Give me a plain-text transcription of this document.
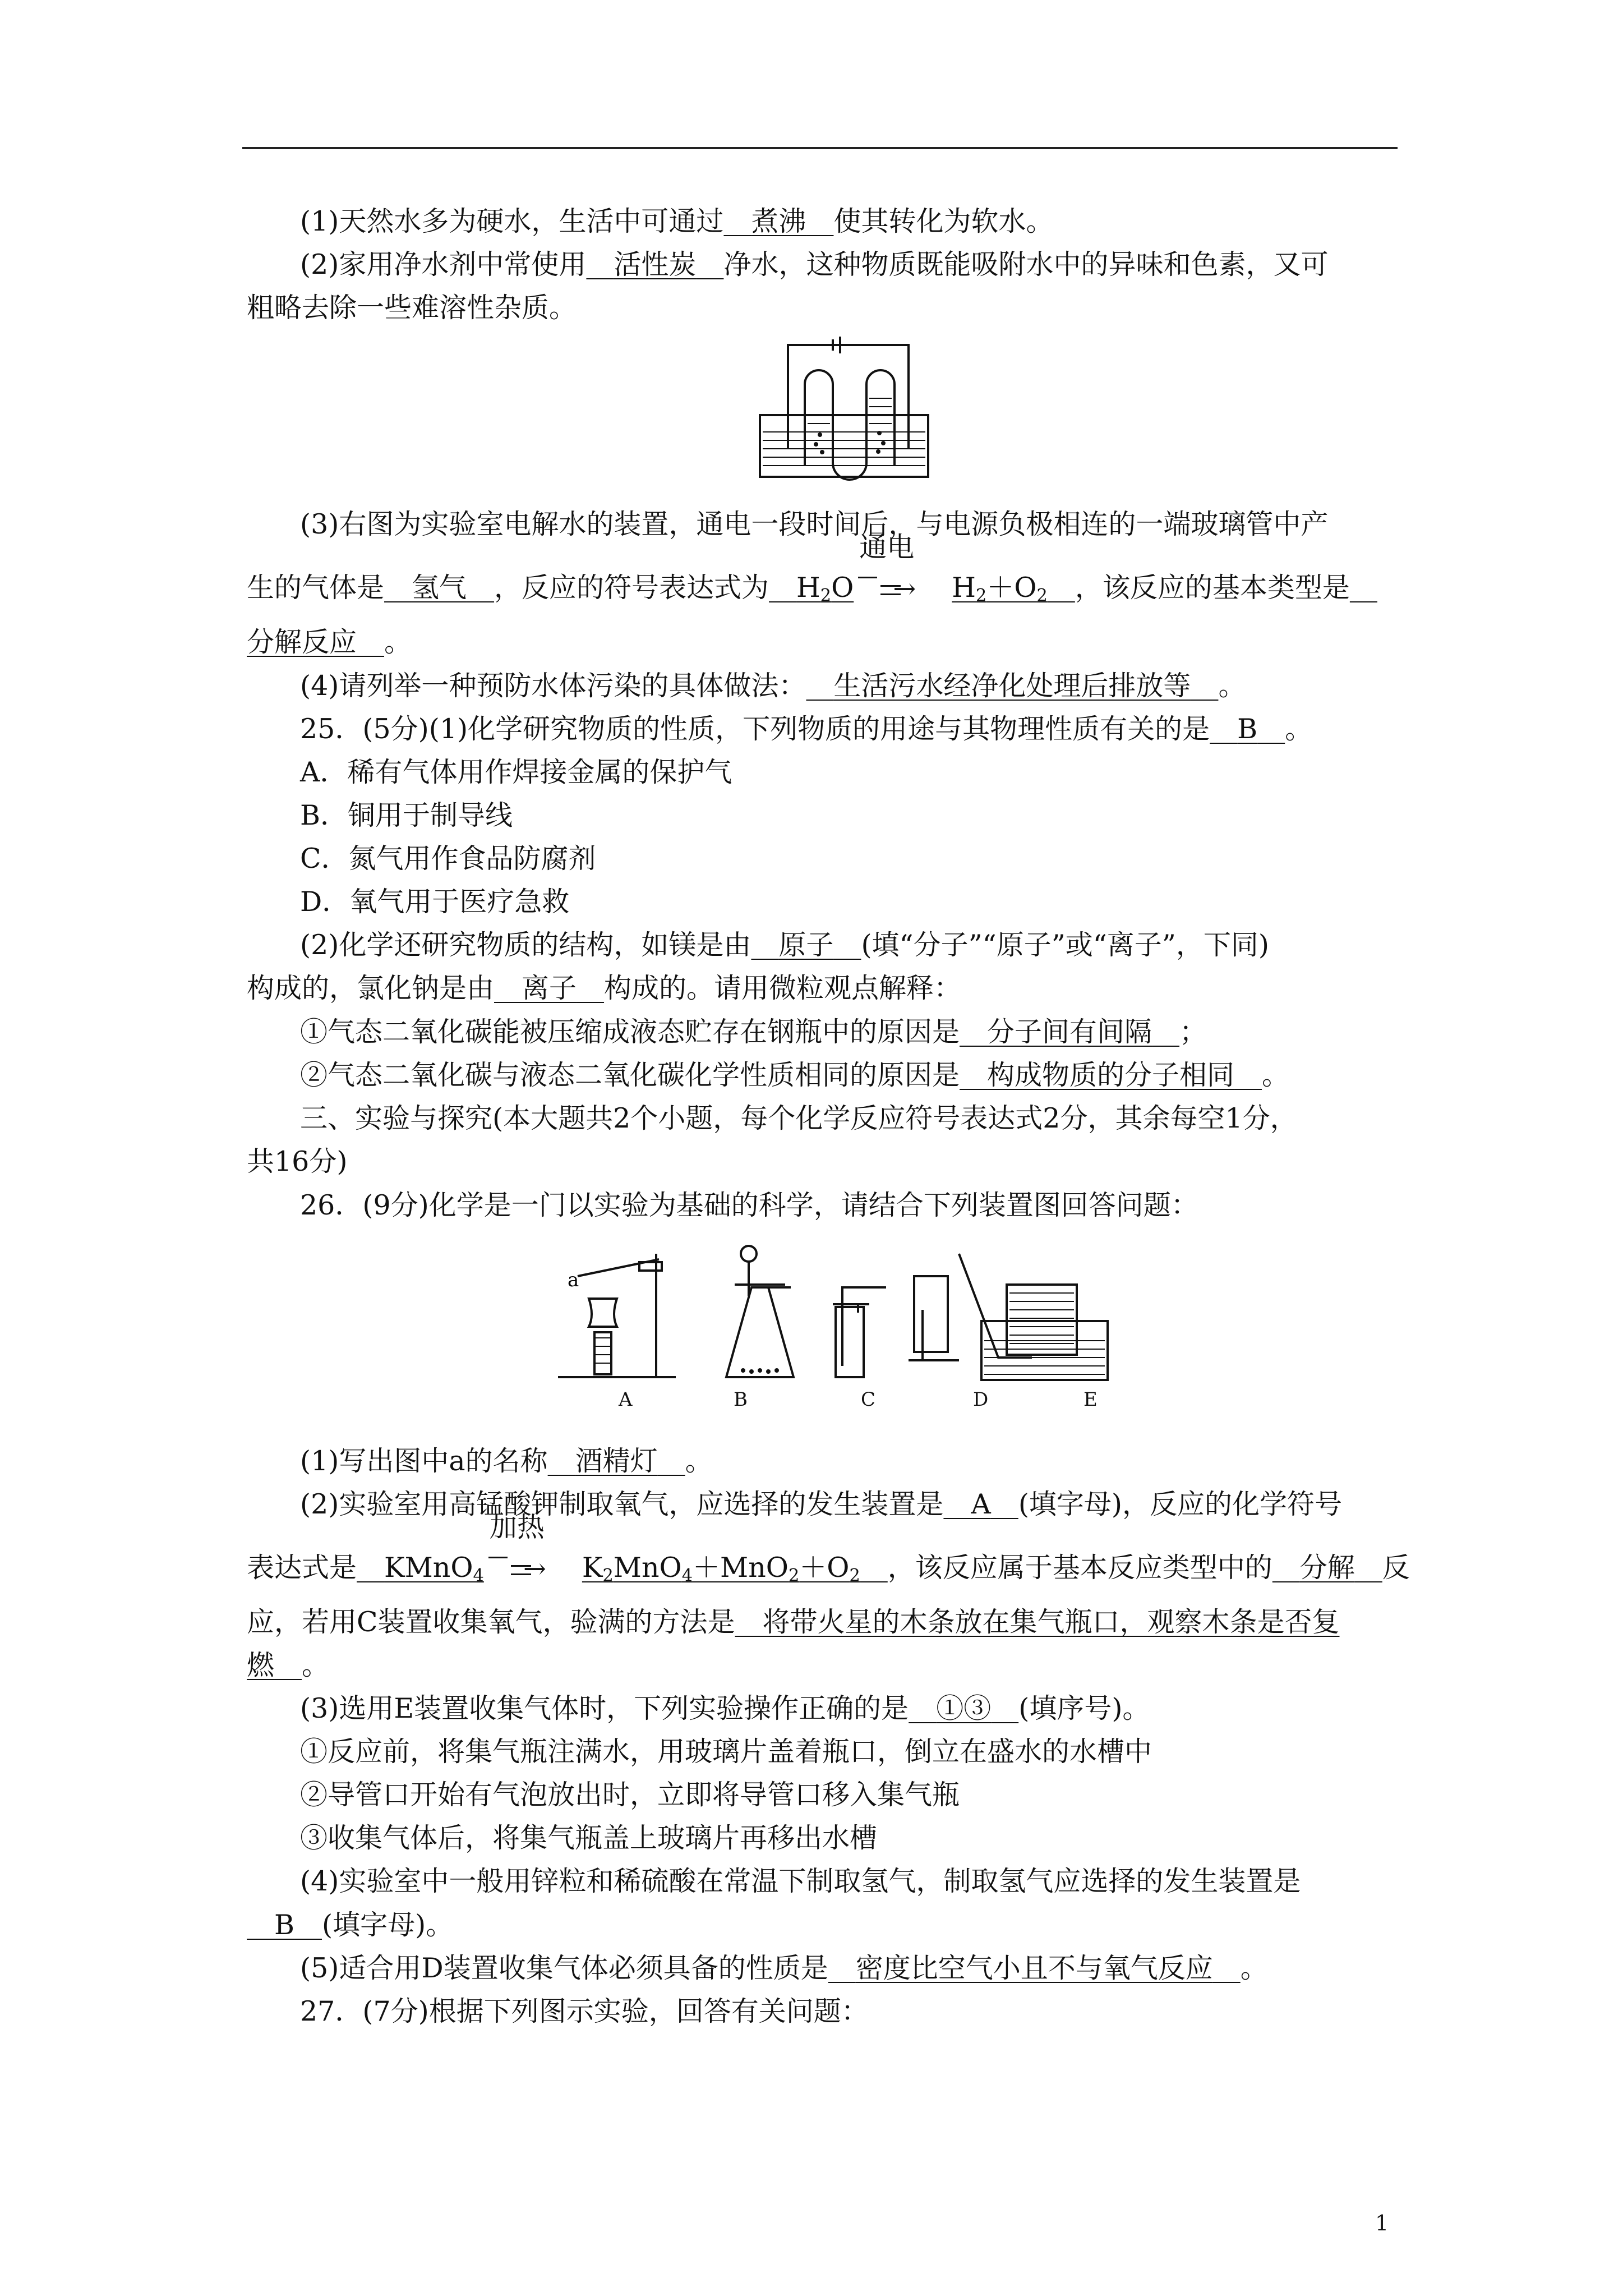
(1)天然水多为硬水，生活中可通过  煮沸  使其转化为软水。
(2)家用净水剂中常使用  活性炭  净水，这种物质既能吸附水中的异味和色素，又可
粗略去除一些难溶性杂质。
(3)右图为实验室电解水的装置，通电一段时间后，与电源负极相连的一端玻璃管中产
生的气体是  氢气  ，反应的符号表达式为  $H_2O$
通电
→ $H_2+O_2$  ，该反应的基本类型是 
分解反应  。
(4)请列举一种预防水体污染的具体做法：  生活污水经净化处理后排放等  。
25．(5分)(1)化学研究物质的性质，下列物质的用途与其物理性质有关的是  B  。
A．稀有气体用作焊接金属的保护气
B．铜用于制导线
C．氮气用作食品防腐剂
D．氧气用于医疗急救
(2)化学还研究物质的结构，如镁是由  原子  (填“分子”“原子”或“离子”，下同)
构成的，氯化钠是由  离子  构成的。请用微粒观点解释：
①气态二氧化碳能被压缩成液态贮存在钢瓶中的原因是  分子间有间隔  ；
②气态二氧化碳与液态二氧化碳化学性质相同的原因是  构成物质的分子相同  。
三、实验与探究(本大题共2个小题，每个化学反应符号表达式2分，其余每空1分，
共16分)
26．(9分)化学是一门以实验为基础的科学，请结合下列装置图回答问题：
a
A	B	C	D	E
(1)写出图中a的名称  酒精灯  。
(2)实验室用高锰酸钾制取氧气，应选择的发生装置是  A  (填字母)，反应的化学符号
表达式是  KMnO$_4$
加热
→ $K_2MnO_4+MnO_2+O_2$  ，该反应属于基本反应类型中的  分解  反
应，若用C装置收集氧气，验满的方法是  将带火星的木条放在集气瓶口，观察木条是否复
燃  。
(3)选用E装置收集气体时，下列实验操作正确的是  ①③  (填序号)。
①反应前，将集气瓶注满水，用玻璃片盖着瓶口，倒立在盛水的水槽中
②导管口开始有气泡放出时，立即将导管口移入集气瓶
③收集气体后，将集气瓶盖上玻璃片再移出水槽
(4)实验室中一般用锌粒和稀硫酸在常温下制取氢气，制取氢气应选择的发生装置是
 B  (填字母)。
(5)适合用D装置收集气体必须具备的性质是  密度比空气小且不与氧气反应  。
27．(7分)根据下列图示实验，回答有关问题：
1
